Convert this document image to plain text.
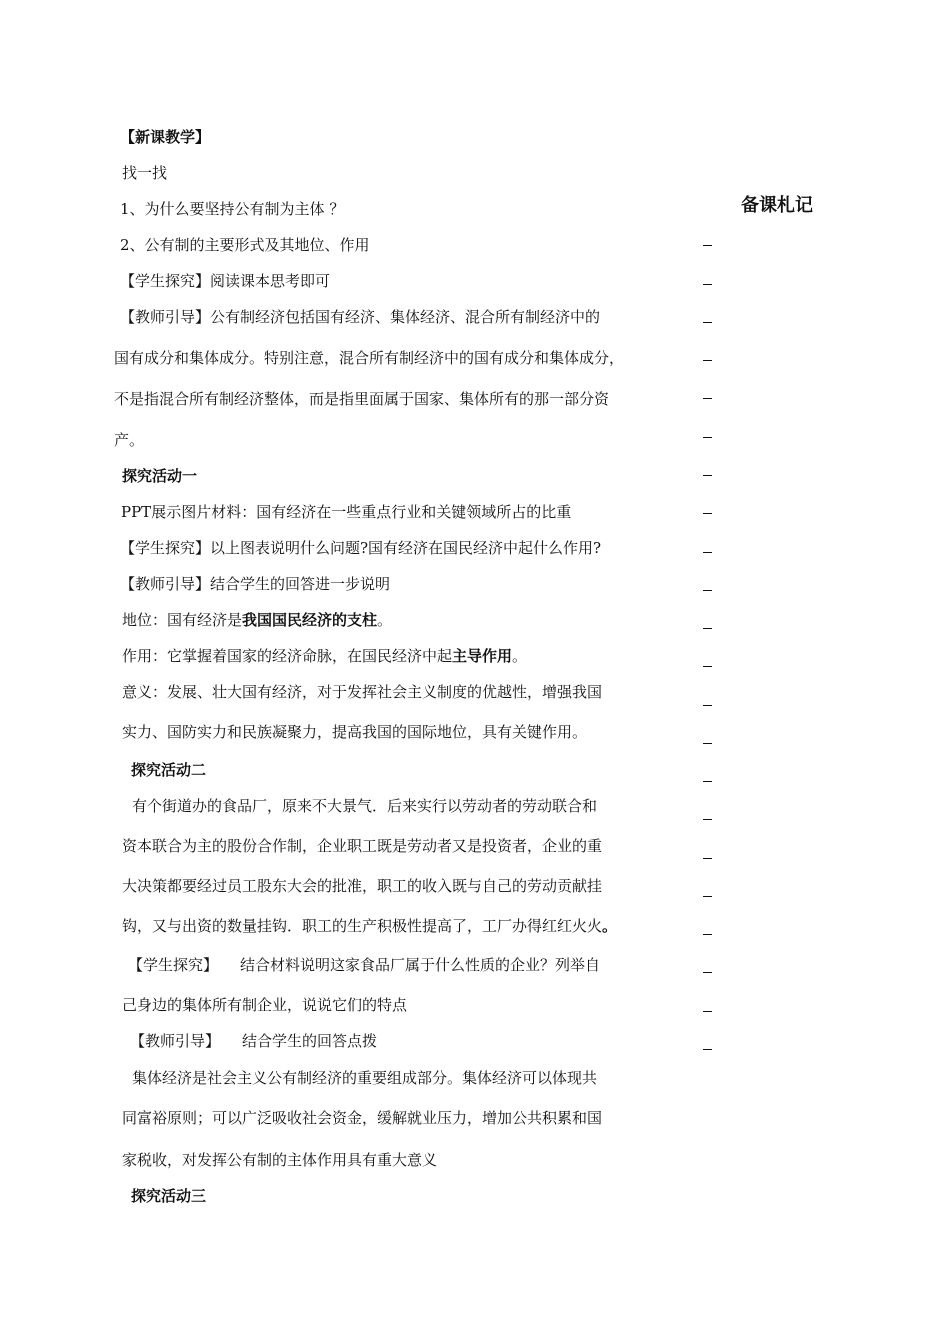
【新课教学】
找一找
1、为什么要坚持公有制为主体 ？
2、公有制的主要形式及其地位、作用
【学生探究】阅读课本思考即可
【教师引导】公有制经济包括国有经济、集体经济、混合所有制经济中的
国有成分和集体成分。特别注意，混合所有制经济中的国有成分和集体成分，
不是指混合所有制经济整体，而是指里面属于国家、集体所有的那一部分资
产。
探究活动一
PPT展示图片材料：国有经济在一些重点行业和关键领域所占的比重
【学生探究】以上图表说明什么问题?国有经济在国民经济中起什么作用?
【教师引导】结合学生的回答进一步说明
地位：国有经济是我国国民经济的支柱。
作用：它掌握着国家的经济命脉，在国民经济中起主导作用。
意义：发展、壮大国有经济，对于发挥社会主义制度的优越性，增强我国
实力、国防实力和民族凝聚力，提高我国的国际地位，具有关键作用。
探究活动二
有个街道办的食品厂，原来不大景气．后来实行以劳动者的劳动联合和
资本联合为主的股份合作制，企业职工既是劳动者又是投资者，企业的重
大决策都要经过员工股东大会的批准，职工的收入既与自己的劳动贡献挂
钩，又与出资的数量挂钩．职工的生产积极性提高了，工厂办得红红火火。
【学生探究】 结合材料说明这家食品厂属于什么性质的企业？列举自
己身边的集体所有制企业，说说它们的特点
【教师引导】 结合学生的回答点拨
集体经济是社会主义公有制经济的重要组成部分。集体经济可以体现共
同富裕原则；可以广泛吸收社会资金，缓解就业压力，增加公共积累和国
家税收，对发挥公有制的主体作用具有重大意义
探究活动三
备课札记
